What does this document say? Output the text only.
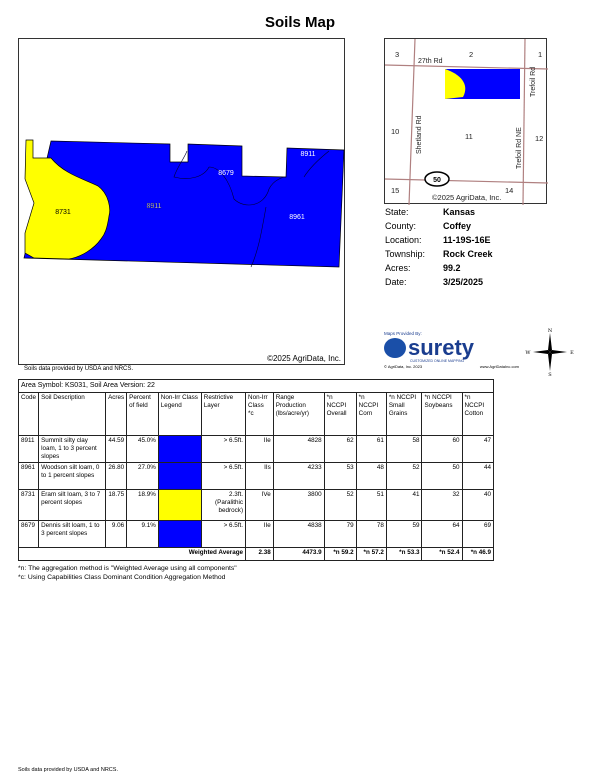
Soils Map
8731
8911
8679
8911
8961
©2025 AgriData, Inc.
Soils data provided by USDA and NRCS.
50
3	2	1
10
11	12
15	14
27th Rd
Shetland Rd
Trefoil Rd
Trefoil Rd NE
©2025 AgriData, Inc.
State:	Kansas
County:	Coffey
Location: 11-19S-16E
Township: Rock Creek
Acres:	99.2
Date:	3/25/2025
Maps Provided By:
surety
CUSTOMIZED ONLINE MAPPING
© AgriData, Inc. 2023	www.AgriDataInc.com
N
S
W	E
Area Symbol: KS031, Soil Area Version: 22												
Code	Soil Description	Acres	Percent of field	Non-Irr Class Legend	Restrictive Layer	Non-Irr Class *c	Range Production (lbs/acre/yr)	*n NCCPI Overall	*n NCCPI Corn	*n NCCPI Small Grains	*n NCCPI Soybeans	*n NCCPI Cotton
8911	Summit silty clay loam, 1 to 3 percent slopes	44.59	45.0%		> 6.5ft.	IIe	4828	62	61	58	60	47
8961	Woodson silt loam, 0 to 1 percent slopes	26.80	27.0%		> 6.5ft.	IIs	4233	53	48	52	50	44
8731	Eram silt loam, 3 to 7 percent slopes	18.75	18.9%		2.3ft. (Paralithic bedrock)	IVe	3800	52	51	41	32	40
8679	Dennis silt loam, 1 to 3 percent slopes	9.06	9.1%		> 6.5ft.	IIe	4838	79	78	59	64	69
Weighted Average						2.38	4473.9	*n 59.2	*n 57.2	*n 53.3	*n 52.4	*n 46.9
*n: The aggregation method is "Weighted Average using all components"
*c: Using Capabilities Class Dominant Condition Aggregation Method
Soils data provided by USDA and NRCS.
